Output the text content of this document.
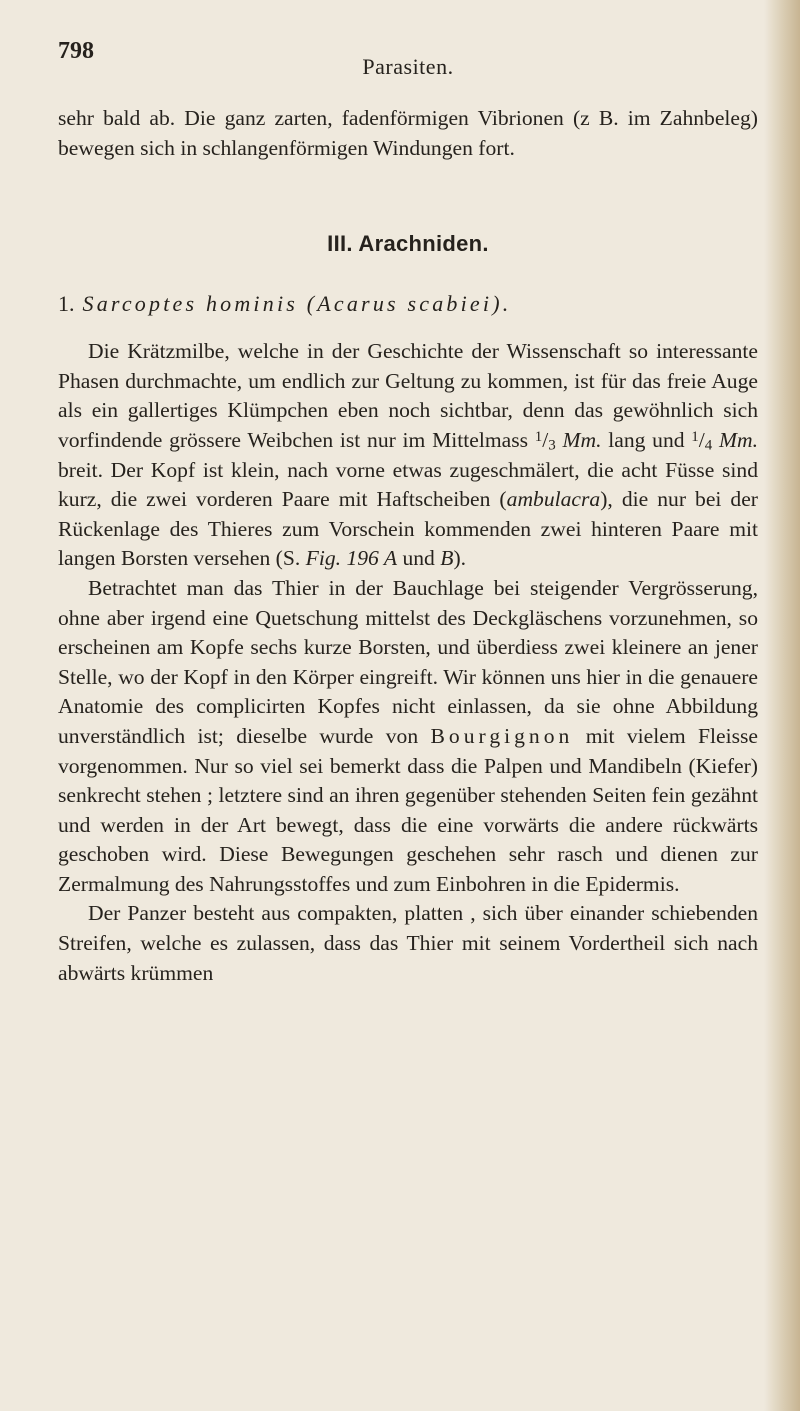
798
Parasiten.

sehr bald ab. Die ganz zarten, fadenförmigen Vibrionen (z B. im Zahnbeleg) bewegen sich in schlangenförmigen Windungen fort.

III. Arachniden.
1. Sarcoptes hominis (Acarus scabiei).

Die Krätzmilbe, welche in der Geschichte der Wissenschaft so interessante Phasen durchmachte, um endlich zur Geltung zu kommen, ist für das freie Auge als ein gallertiges Klümpchen eben noch sichtbar, denn das gewöhnlich sich vorfindende grössere Weibchen ist nur im Mittelmass $^1$/3 Mm. lang und $^1$/4 Mm. breit. Der Kopf ist klein, nach vorne etwas zugeschmälert, die acht Füsse sind kurz, die zwei vorderen Paare mit Haftscheiben (ambulacra), die nur bei der Rückenlage des Thieres zum Vorschein kommenden zwei hinteren Paare mit langen Borsten versehen (S. Fig. 196 A und B).

Betrachtet man das Thier in der Bauchlage bei steigender Vergrösserung, ohne aber irgend eine Quetschung mittelst des Deckgläschens vorzunehmen, so erscheinen am Kopfe sechs kurze Borsten, und überdiess zwei kleinere an jener Stelle, wo der Kopf in den Körper eingreift. Wir können uns hier in die genauere Anatomie des complicirten Kopfes nicht einlassen, da sie ohne Abbildung unverständlich ist; dieselbe wurde von Bourgignon mit vielem Fleisse vorgenommen. Nur so viel sei bemerkt dass die Palpen und Mandibeln (Kiefer) senkrecht stehen ; letztere sind an ihren gegenüber stehenden Seiten fein gezähnt und werden in der Art bewegt, dass die eine vorwärts die andere rückwärts geschoben wird. Diese Bewegungen geschehen sehr rasch und dienen zur Zermalmung des Nahrungsstoffes und zum Einbohren in die Epidermis.

Der Panzer besteht aus compakten, platten , sich über einander schiebenden Streifen, welche es zulassen, dass das Thier mit seinem Vordertheil sich nach abwärts krümmen
